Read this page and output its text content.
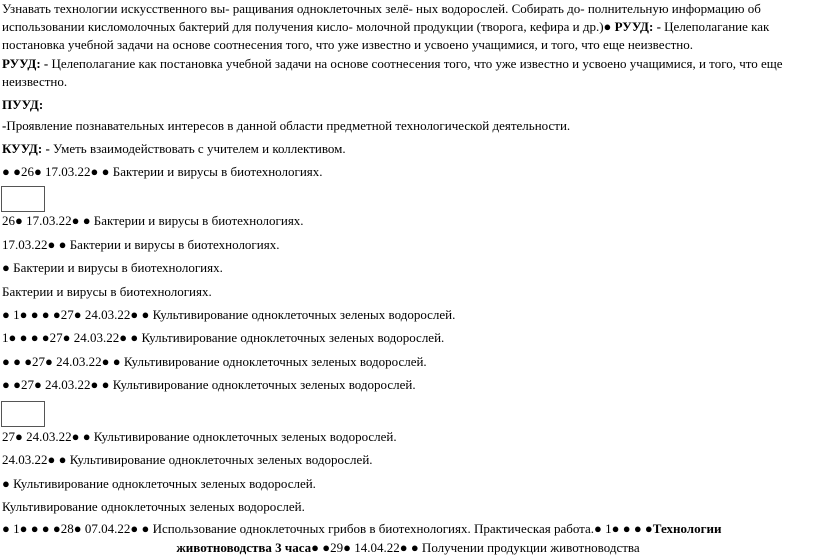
Узнавать технологии искусственного вы- ращивания одноклеточных зелё- ных водорослей. Собирать до- полнительную информацию об использовании кисломолочных бактерий для получения кисло- молочной продукции (творога, кефира и др.)● РУУД: - Целеполагание как постановка учебной задачи на основе соотнесения того, что уже известно и усвоено учащимися, и того, что еще неизвестно.

РУУД: - Целеполагание как постановка учебной задачи на основе соотнесения того, что уже известно и усвоено учащимися, и того, что еще неизвестно.

ПУУД:

-Проявление познавательных интересов в данной области предметной технологической деятельности.

КУУД: - Уметь взаимодействовать с учителем и коллективом.

● ●26● 17.03.22● ● Бактерии и вирусы в биотехнологиях.

26● 17.03.22● ● Бактерии и вирусы в биотехнологиях.

17.03.22● ● Бактерии и вирусы в биотехнологиях.

● Бактерии и вирусы в биотехнологиях.

Бактерии и вирусы в биотехнологиях.

● 1● ● ● ●27● 24.03.22● ● Культивирование одноклеточных зеленых водорослей.

1● ● ● ●27● 24.03.22● ● Культивирование одноклеточных зеленых водорослей.

● ● ●27● 24.03.22● ● Культивирование одноклеточных зеленых водорослей.

● ●27● 24.03.22● ● Культивирование одноклеточных зеленых водорослей.

27● 24.03.22● ● Культивирование одноклеточных зеленых водорослей.

24.03.22● ● Культивирование одноклеточных зеленых водорослей.

● Культивирование одноклеточных зеленых водорослей.

Культивирование одноклеточных зеленых водорослей.

● 1● ● ● ●28● 07.04.22● ● Использование одноклеточных грибов в биотехнологиях. Практическая работа.● 1● ● ● ●Технологии

животноводства 3 часа● ●29● 14.04.22● ● Получении продукции животноводства
